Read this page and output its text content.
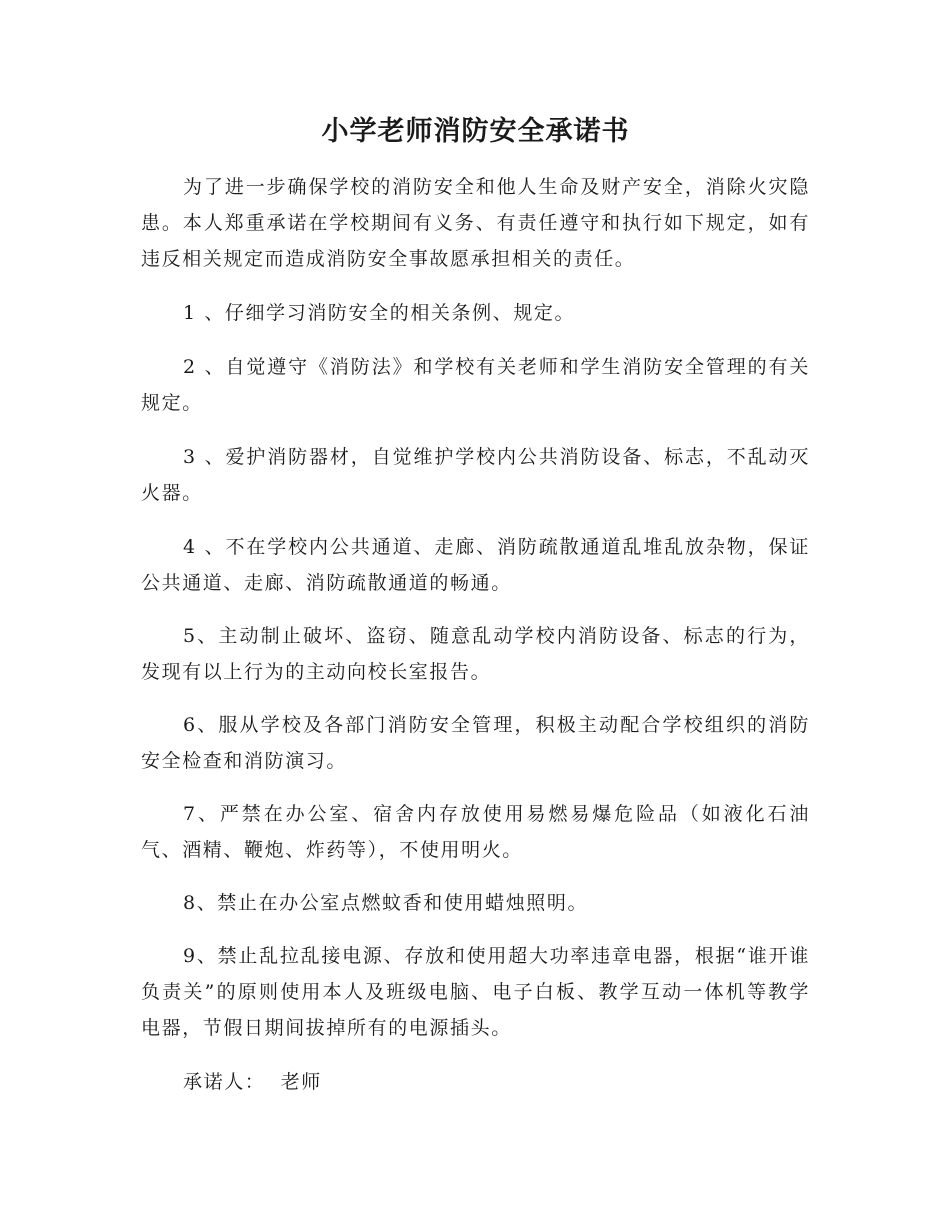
小学老师消防安全承诺书

为了进一步确保学校的消防安全和他人生命及财产安全，消除火灾隐患。本人郑重承诺在学校期间有义务、有责任遵守和执行如下规定，如有违反相关规定而造成消防安全事故愿承担相关的责任。

1 、仔细学习消防安全的相关条例、规定。

2 、自觉遵守《消防法》和学校有关老师和学生消防安全管理的有关规定。

3 、爱护消防器材，自觉维护学校内公共消防设备、标志，不乱动灭火器。

4 、不在学校内公共通道、走廊、消防疏散通道乱堆乱放杂物，保证公共通道、走廊、消防疏散通道的畅通。

5、主动制止破坏、盗窃、随意乱动学校内消防设备、标志的行为，发现有以上行为的主动向校长室报告。

6、服从学校及各部门消防安全管理，积极主动配合学校组织的消防安全检查和消防演习。

7、严禁在办公室、宿舍内存放使用易燃易爆危险品（如液化石油气、酒精、鞭炮、炸药等），不使用明火。

8、禁止在办公室点燃蚊香和使用蜡烛照明。

9、禁止乱拉乱接电源、存放和使用超大功率违章电器，根据“谁开谁负责关”的原则使用本人及班级电脑、电子白板、教学互动一体机等教学电器，节假日期间拔掉所有的电源插头。

承诺人：  老师
